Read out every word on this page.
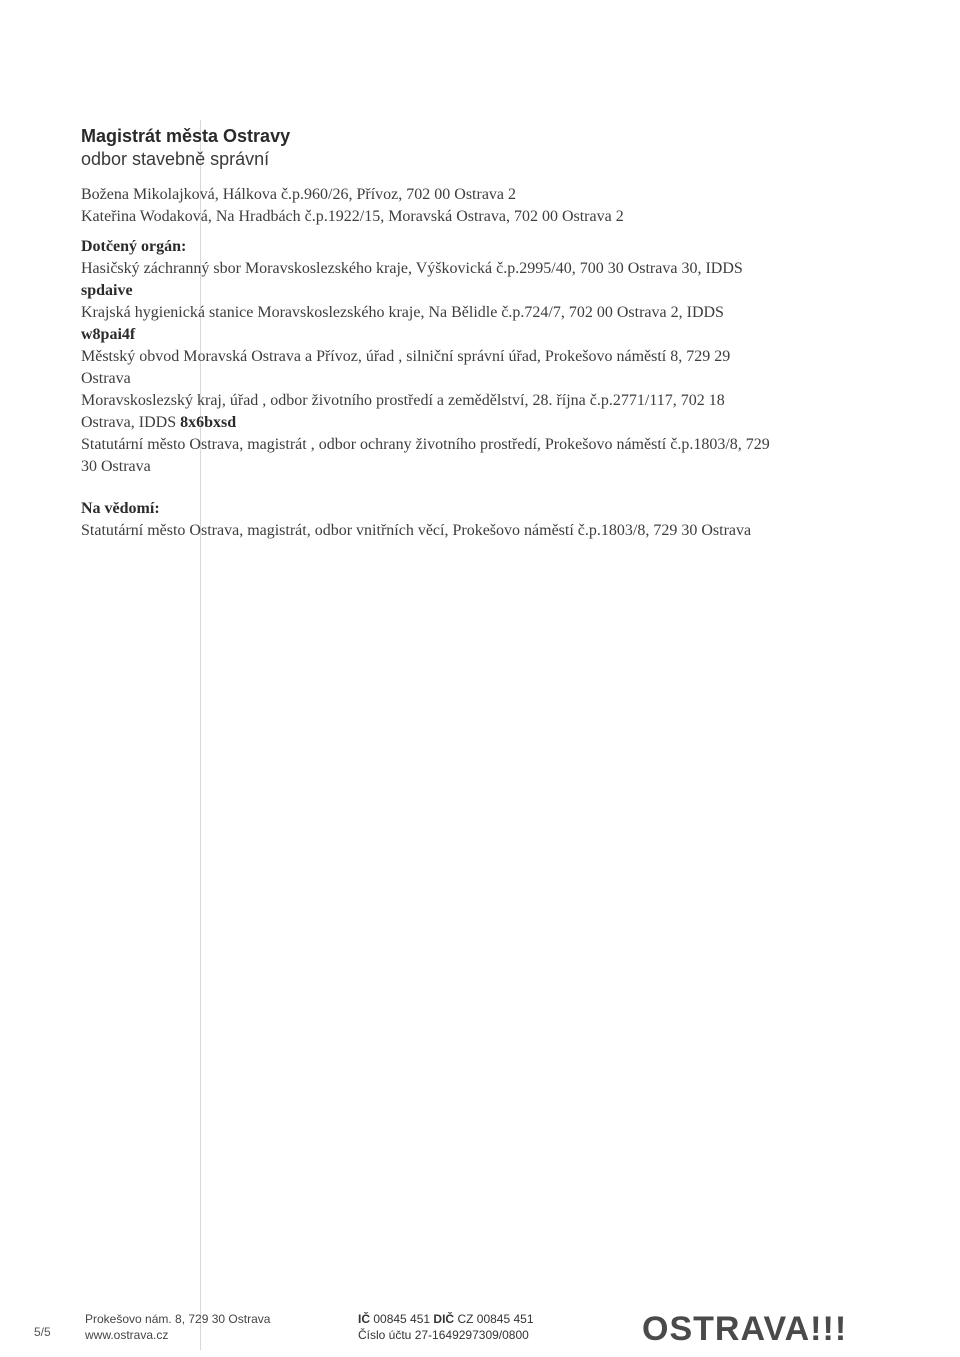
Magistrát města Ostravy
odbor stavebně správní
Božena Mikolajková, Hálkova č.p.960/26, Přívoz, 702 00 Ostrava 2
Kateřina Wodaková, Na Hradbách č.p.1922/15, Moravská Ostrava, 702 00 Ostrava 2
Dotčený orgán:
Hasičský záchranný sbor Moravskoslezského kraje, Výškovická č.p.2995/40, 700 30 Ostrava 30, IDDS
spdaive
Krajská hygienická stanice Moravskoslezského kraje, Na Bělidle č.p.724/7, 702 00 Ostrava 2, IDDS
w8pai4f
Městský obvod Moravská Ostrava a Přívoz, úřad , silniční správní úřad, Prokešovo náměstí 8, 729 29
Ostrava
Moravskoslezský kraj, úřad , odbor životního prostředí a zemědělství, 28. října č.p.2771/117, 702 18
Ostrava, IDDS 8x6bxsd
Statutární město Ostrava, magistrát , odbor ochrany životního prostředí, Prokešovo náměstí č.p.1803/8, 729
30 Ostrava
Na vědomí:
Statutární město Ostrava, magistrát, odbor vnitřních věcí, Prokešovo náměstí č.p.1803/8, 729 30 Ostrava
5/5
Prokešovo nám. 8, 729 30 Ostrava
www.ostrava.cz
IČ 00845 451 DIČ CZ 00845 451
Číslo účtu 27-1649297309/0800	OSTRAVA!!!
